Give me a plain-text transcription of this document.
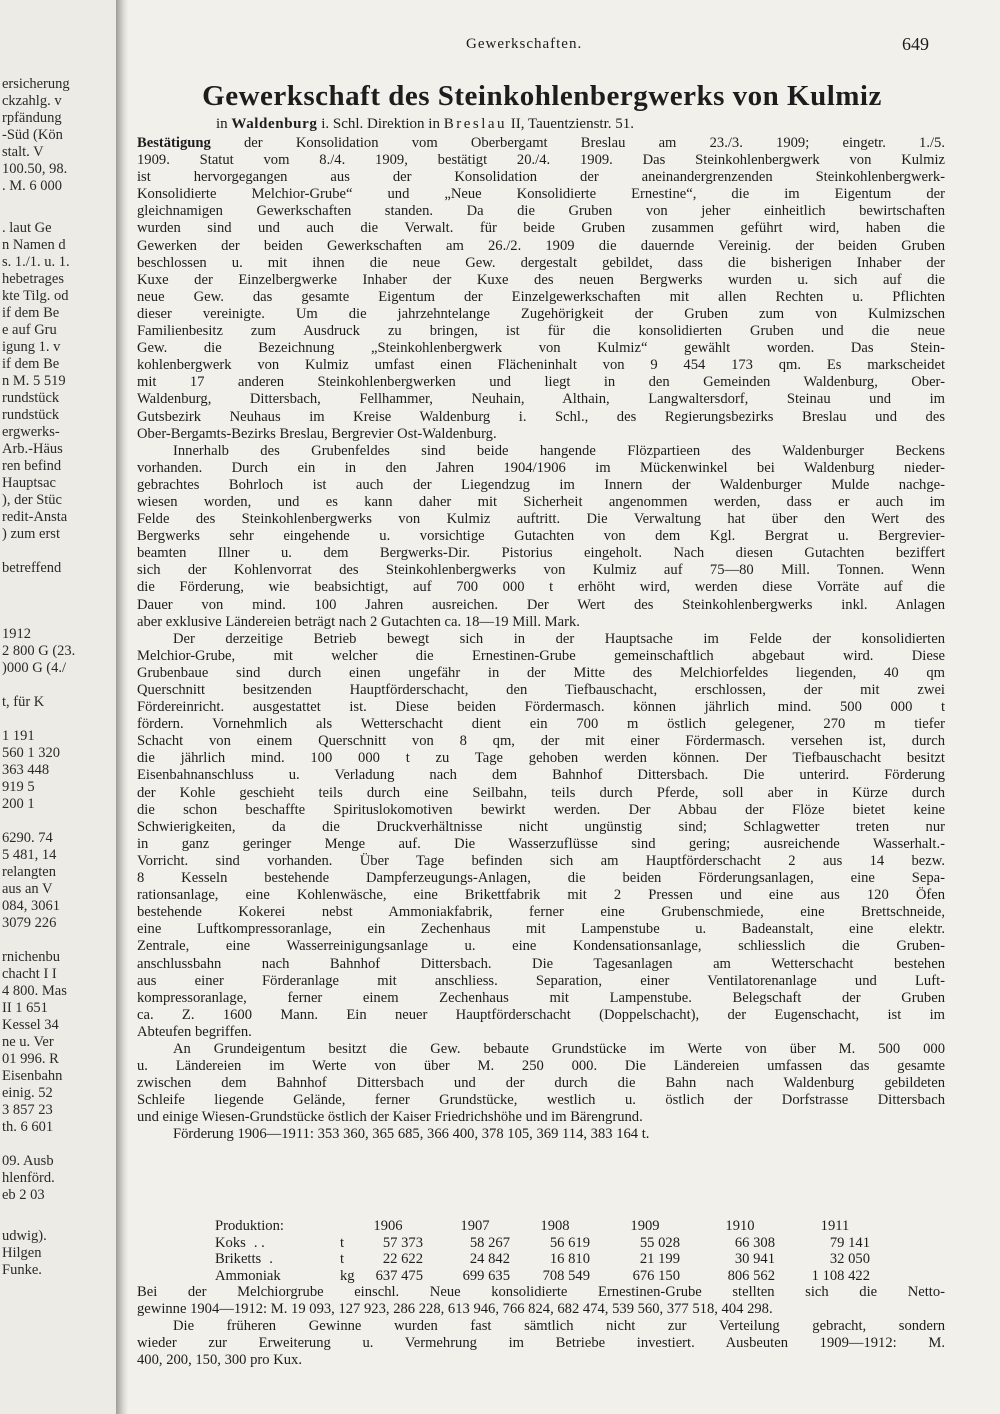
ersicherung
ckzahlg. v
rpfändung
-Süd (Kön
stalt. V
100.50, 98.
. M. 6 000
. laut Ge
n Namen d
s. 1./1. u. 1.
hebetrages
kte Tilg. od
if dem Be
e auf Gru
igung 1. v
if dem Be
n M. 5 519
rundstück
rundstück
ergwerks-
Arb.-Häus
ren befind
Hauptsac
), der Stüc
redit-Ansta
) zum erst
betreffend
1912
2 800 G (23.
)000 G (4./
t, für K
1 191
560 1 320
363 448
919 5
200 1
6290. 74
5 481, 14
relangten
aus an V
084, 3061
3079 226
rnichenbu
chacht I I
4 800. Mas
II 1 651
Kessel 34
ne u. Ver
01 996. R
Eisenbahn
einig. 52
3 857 23
th. 6 601
09. Ausb
hlenförd.
eb 2 03
udwig).
Hilgen
Funke.
Gewerkschaften.	649
Gewerkschaft des Steinkohlenbergwerks von Kulmiz
in Waldenburg i. Schl. Direktion in Breslau II, Tauentzienstr. 51.
Bestätigung der Konsolidation vom Oberbergamt Breslau am 23./3. 1909; eingetr. 1./5.
1909. Statut vom 8./4. 1909, bestätigt 20./4. 1909. Das Steinkohlenbergwerk von Kulmiz
ist hervorgegangen aus der Konsolidation der aneinandergrenzenden Steinkohlenbergwerk-
Konsolidierte Melchior-Grube“ und „Neue Konsolidierte Ernestine“, die im Eigentum der
gleichnamigen Gewerkschaften standen. Da die Gruben von jeher einheitlich bewirtschaften
wurden sind und auch die Verwalt. für beide Gruben zusammen geführt wird, haben die
Gewerken der beiden Gewerkschaften am 26./2. 1909 die dauernde Vereinig. der beiden Gruben
beschlossen u. mit ihnen die neue Gew. dergestalt gebildet, dass die bisherigen Inhaber der
Kuxe der Einzelbergwerke Inhaber der Kuxe des neuen Bergwerks wurden u. sich auf die
neue Gew. das gesamte Eigentum der Einzelgewerkschaften mit allen Rechten u. Pflichten
dieser vereinigte. Um die jahrzehntelange Zugehörigkeit der Gruben zum von Kulmizschen
Familienbesitz zum Ausdruck zu bringen, ist für die konsolidierten Gruben und die neue
Gew. die Bezeichnung „Steinkohlenbergwerk von Kulmiz“ gewählt worden. Das Stein-
kohlenbergwerk von Kulmiz umfast einen Flächeninhalt von 9 454 173 qm. Es markscheidet
mit 17 anderen Steinkohlenbergwerken und liegt in den Gemeinden Waldenburg, Ober-
Waldenburg, Dittersbach, Fellhammer, Neuhain, Althain, Langwaltersdorf, Steinau und im
Gutsbezirk Neuhaus im Kreise Waldenburg i. Schl., des Regierungsbezirks Breslau und des
Ober-Bergamts-Bezirks Breslau, Bergrevier Ost-Waldenburg.
Innerhalb des Grubenfeldes sind beide hangende Flözpartieen des Waldenburger Beckens
vorhanden. Durch ein in den Jahren 1904/1906 im Mückenwinkel bei Waldenburg nieder-
gebrachtes Bohrloch ist auch der Liegendzug im Innern der Waldenburger Mulde nachge-
wiesen worden, und es kann daher mit Sicherheit angenommen werden, dass er auch im
Felde des Steinkohlenbergwerks von Kulmiz auftritt. Die Verwaltung hat über den Wert des
Bergwerks sehr eingehende u. vorsichtige Gutachten von dem Kgl. Bergrat u. Bergrevier-
beamten Illner u. dem Bergwerks-Dir. Pistorius eingeholt. Nach diesen Gutachten beziffert
sich der Kohlenvorrat des Steinkohlenbergwerks von Kulmiz auf 75—80 Mill. Tonnen. Wenn
die Förderung, wie beabsichtigt, auf 700 000 t erhöht wird, werden diese Vorräte auf die
Dauer von mind. 100 Jahren ausreichen. Der Wert des Steinkohlenbergwerks inkl. Anlagen
aber exklusive Ländereien beträgt nach 2 Gutachten ca. 18—19 Mill. Mark.
Der derzeitige Betrieb bewegt sich in der Hauptsache im Felde der konsolidierten
Melchior-Grube, mit welcher die Ernestinen-Grube gemeinschaftlich abgebaut wird. Diese
Grubenbaue sind durch einen ungefähr in der Mitte des Melchiorfeldes liegenden, 40 qm
Querschnitt besitzenden Hauptförderschacht, den Tiefbauschacht, erschlossen, der mit zwei
Fördereinricht. ausgestattet ist. Diese beiden Fördermasch. können jährlich mind. 500 000 t
fördern. Vornehmlich als Wetterschacht dient ein 700 m östlich gelegener, 270 m tiefer
Schacht von einem Querschnitt von 8 qm, der mit einer Fördermasch. versehen ist, durch
die jährlich mind. 100 000 t zu Tage gehoben werden können. Der Tiefbauschacht besitzt
Eisenbahnanschluss u. Verladung nach dem Bahnhof Dittersbach. Die unterird. Förderung
der Kohle geschieht teils durch eine Seilbahn, teils durch Pferde, soll aber in Kürze durch
die schon beschaffte Spirituslokomotiven bewirkt werden. Der Abbau der Flöze bietet keine
Schwierigkeiten, da die Druckverhältnisse nicht ungünstig sind; Schlagwetter treten nur
in ganz geringer Menge auf. Die Wasserzuflüsse sind gering; ausreichende Wasserhalt.-
Vorricht. sind vorhanden. Über Tage befinden sich am Hauptförderschacht 2 aus 14 bezw.
8 Kesseln bestehende Dampferzeugungs-Anlagen, die beiden Förderungsanlagen, eine Sepa-
rationsanlage, eine Kohlenwäsche, eine Brikettfabrik mit 2 Pressen und eine aus 120 Öfen
bestehende Kokerei nebst Ammoniakfabrik, ferner eine Grubenschmiede, eine Brettschneide,
eine Luftkompressoranlage, ein Zechenhaus mit Lampenstube u. Badeanstalt, eine elektr.
Zentrale, eine Wasserreinigungsanlage u. eine Kondensationsanlage, schliesslich die Gruben-
anschlussbahn nach Bahnhof Dittersbach. Die Tagesanlagen am Wetterschacht bestehen
aus einer Förderanlage mit anschliess. Separation, einer Ventilatorenanlage und Luft-
kompressoranlage, ferner einem Zechenhaus mit Lampenstube. Belegschaft der Gruben
ca. Z. 1600 Mann. Ein neuer Hauptförderschacht (Doppelschacht), der Eugenschacht, ist im
Abteufen begriffen.
An Grundeigentum besitzt die Gew. bebaute Grundstücke im Werte von über M. 500 000
u. Ländereien im Werte von über M. 250 000. Die Ländereien umfassen das gesamte
zwischen dem Bahnhof Dittersbach und der durch die Bahn nach Waldenburg gebildeten
Schleife liegende Gelände, ferner Grundstücke, westlich u. östlich der Dorfstrasse Dittersbach
und einige Wiesen-Grundstücke östlich der Kaiser Friedrichshöhe und im Bärengrund.
Förderung 1906—1911: 353 360, 365 685, 366 400, 378 105, 369 114, 383 164 t.
Produktion:	1906	1907	1908	1909	1910	1911
Koks . .	t	57 373	58 267	56 619	55 028	66 308	79 141
Briketts .	t	22 622	24 842	16 810	21 199	30 941	32 050
Ammoniak	kg	637 475	699 635	708 549	676 150	806 562	1 108 422
Bei der Melchiorgrube einschl. Neue konsolidierte Ernestinen-Grube stellten sich die Netto-
gewinne 1904—1912: M. 19 093, 127 923, 286 228, 613 946, 766 824, 682 474, 539 560, 377 518, 404 298.
Die früheren Gewinne wurden fast sämtlich nicht zur Verteilung gebracht, sondern
wieder zur Erweiterung u. Vermehrung im Betriebe investiert. Ausbeuten 1909—1912: M.
400, 200, 150, 300 pro Kux.
